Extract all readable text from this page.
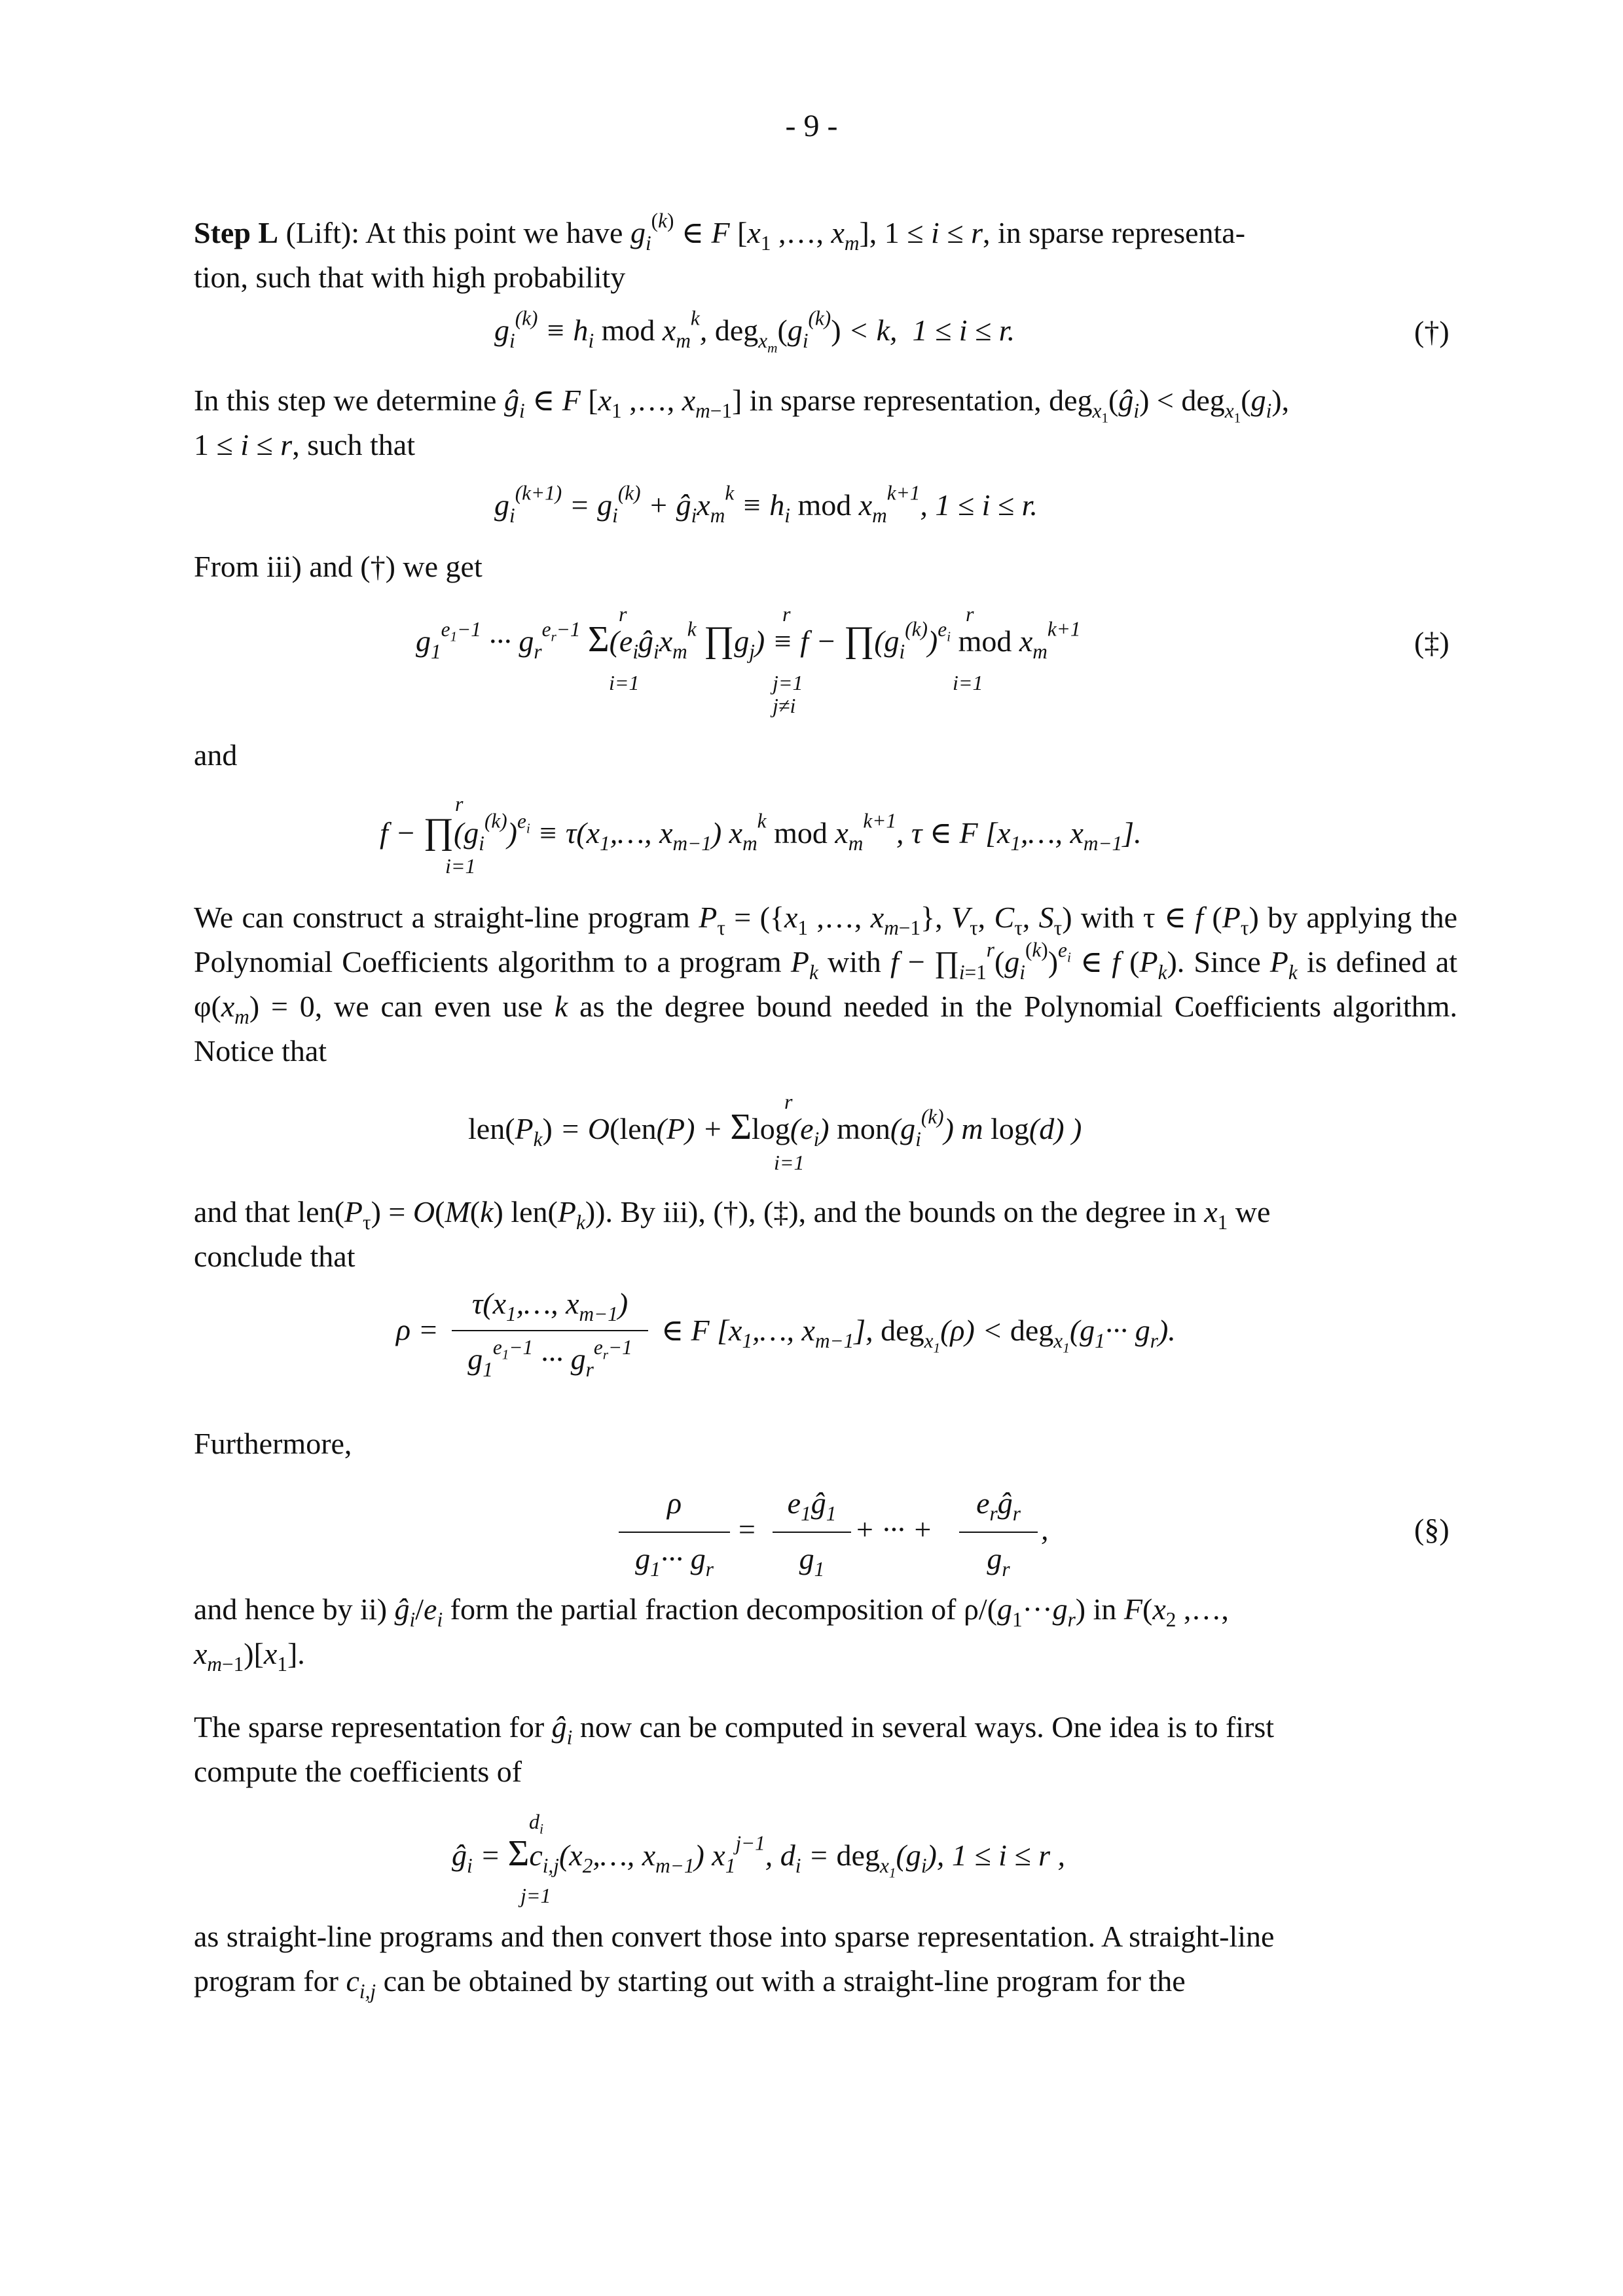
- 9 -
Step L (Lift): At this point we have $g_i^{(k)}$ ∈ F [$x_1$ ,…, $x_m$], 1 ≤ i ≤ r, in sparse representa-
tion, such that with high probability
$g_i^{(k)} \equiv h_i$ mod $x_m^k$, $deg_{x_m}(g_i^{(k)}) < k$,  1 ≤ i ≤ r.	(†)
In this step we determine $ĝ_i$ ∈ F [$x_1$ ,…, $x_{m-1}$] in sparse representation, $deg_{x_1}(ĝ_i) < deg_{x_1}(g_i)$,
1 ≤ i ≤ r, such that
$g_i^{(k+1)} = g_i^{(k)}$ + $ĝ_ix_m^k \equiv h_i$ mod $x_m^{k+1}$, 1 ≤ i ≤ r.
From iii) and (†) we get
$g_1^{e_1-1}$ ··· $g_r^{e_r-1}$ $\Sigma(e_iĝ_ix_m^k$ $\prod g_j) \equiv f$ − $\prod(g_i^{(k)})^{e_i}$ mod $x_m^{k+1}$
r
i=1
r
j=1
j≠i
r
i=1
(‡)
and
$f - \prod(g_i^{(k)})^{e_i}$ ≡ $\tau(x_1,\dots$, $x_{m-1}$) $x_m^k$ mod $x_m^{k+1}$, τ ∈ F [$x_1,\dots$, $x_{m-1}$].
r
i=1
We can construct a straight-line program $P_\tau = (\{x_1$ ,…, $x_{m-1}$}, $V_\tau$, $C_\tau$, $S_\tau$) with τ ∈ f $(P_\tau)$ by applying the Polynomial Coefficients algorithm to a program $P_k$ with $f - \prod_{i=1}^r(g_i^{(k)})^{e_i}$ ∈ f $(P_k)$. Since $P_k$ is defined at $\varphi(x_m) = 0$, we can even use k as the degree bound needed in the Polynomial Coefficients algorithm. Notice that
$len(P_k) = O(len(P) + \Sigma\log(e_i)$ $mon(g_i^{(k)})$ m log(d) )
r
i=1
and that $len(P_\tau) = O(M(k)$ $len(P_k)$). By iii), (†), (‡), and the bounds on the degree in $x_1$ we
conclude that
ρ =
$\tau(x_1,\dots$, $x_{m-1}$)
$g_1^{e_1-1}$ ··· $g_r^{e_r-1}$
∈ F [$x_1,\dots$, $x_{m-1}$], $deg_{x_1}(\rho) < deg_{x_1}(g_1\cdot\cdot\cdot g_r)$.
Furthermore,
ρ
$g_1\cdot\cdot\cdot g_r$
=
$e_1ĝ_1$
$g_1$
+ ··· +
$e_rĝ_r$
$g_r$
,	(§)
and hence by ii) $ĝ_i/e_i$ form the partial fraction decomposition of $\rho/(g_1\cdot\cdot\cdot g_r)$ in $F(x_2$ ,…,
$x_{m-1})[x_1]$.
The sparse representation for $ĝ_i$ now can be computed in several ways. One idea is to first
compute the coefficients of
$ĝ_i$ = $\Sigma c_{i,j}(x_2,\dots$, $x_{m-1}$) $x_1^{j-1}$, $d_i = deg_{x_1}(g_i)$, 1 ≤ i ≤ r ,
$d_i$
j=1
as straight-line programs and then convert those into sparse representation. A straight-line
program for $c_{i,j}$ can be obtained by starting out with a straight-line program for the
